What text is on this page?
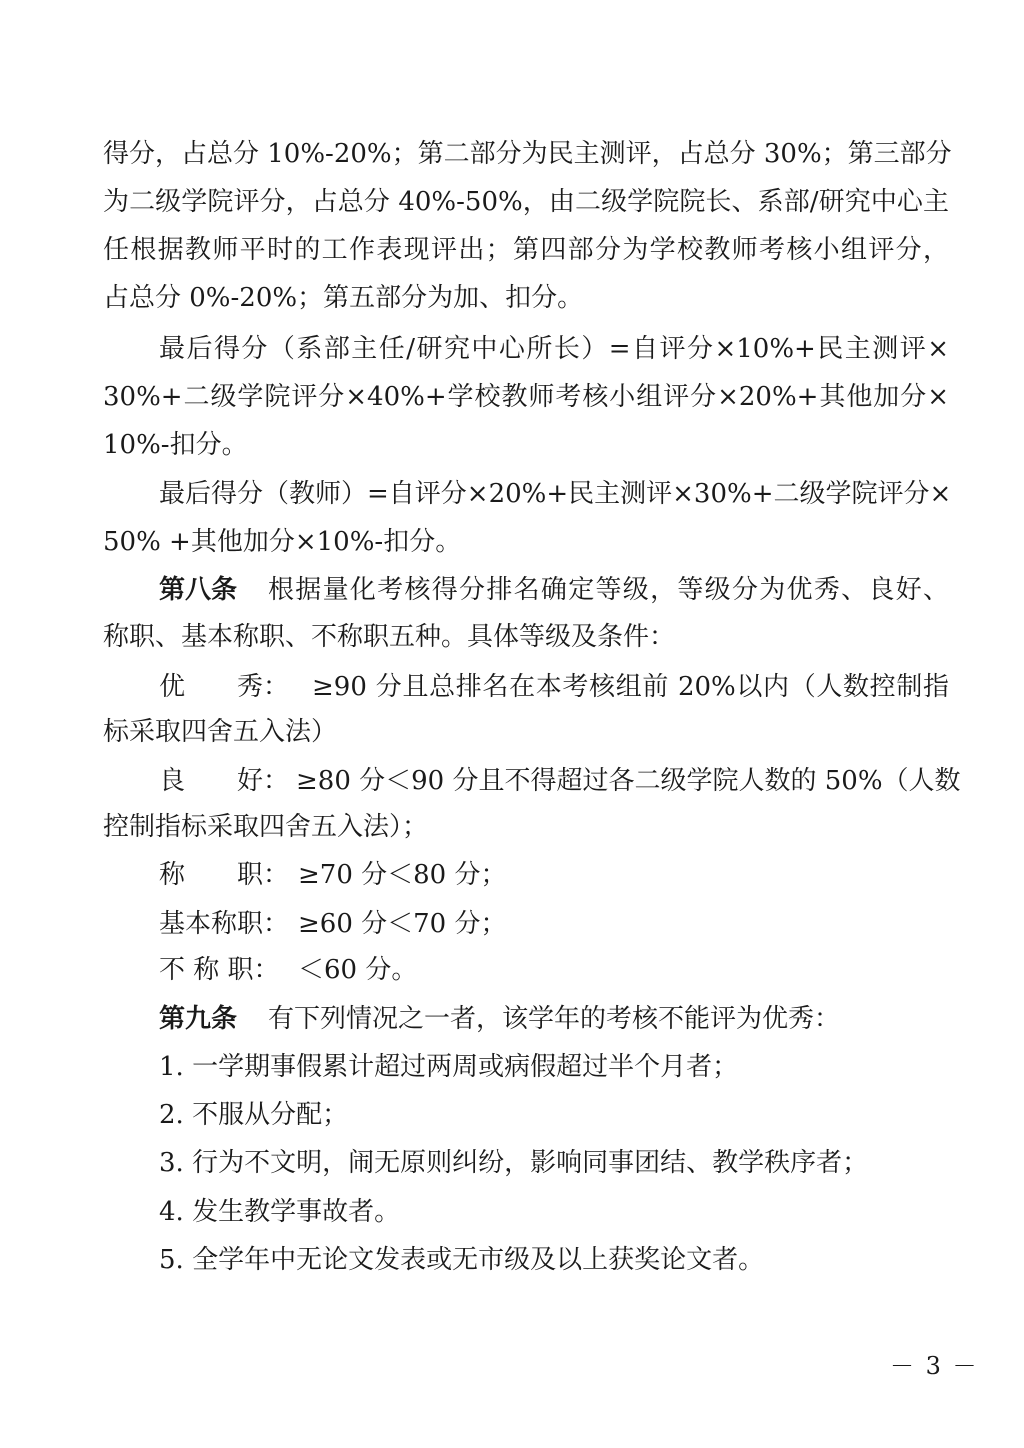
得分，占总分 10%-20%；第二部分为民主测评，占总分 30%；第三部分
为二级学院评分，占总分 40%-50%，由二级学院院长、系部/研究中心主
任根据教师平时的工作表现评出；第四部分为学校教师考核小组评分，
占总分 0%-20%；第五部分为加、扣分。
最后得分（系部主任/研究中心所长）=自评分×10%+民主测评×
30%+二级学院评分×40%+学校教师考核小组评分×20%+其他加分×
10%-扣分。
最后得分（教师）=自评分×20%+民主测评×30%+二级学院评分×
50% +其他加分×10%-扣分。
第八条 根据量化考核得分排名确定等级，等级分为优秀、良好、
称职、基本称职、不称职五种。具体等级及条件：
优　　秀： ≥90 分且总排名在本考核组前 20%以内（人数控制指
标采取四舍五入法）
良　　好： ≥80 分＜90 分且不得超过各二级学院人数的 50%（人数
控制指标采取四舍五入法）；
称　　职： ≥70 分＜80 分；
基本称职： ≥60 分＜70 分；
不 称 职： ＜60 分。
第九条 有下列情况之一者，该学年的考核不能评为优秀：
1. 一学期事假累计超过两周或病假超过半个月者；
2. 不服从分配；
3. 行为不文明，闹无原则纠纷，影响同事团结、教学秩序者；
4. 发生教学事故者。
5. 全学年中无论文发表或无市级及以上获奖论文者。
－ 3 －
